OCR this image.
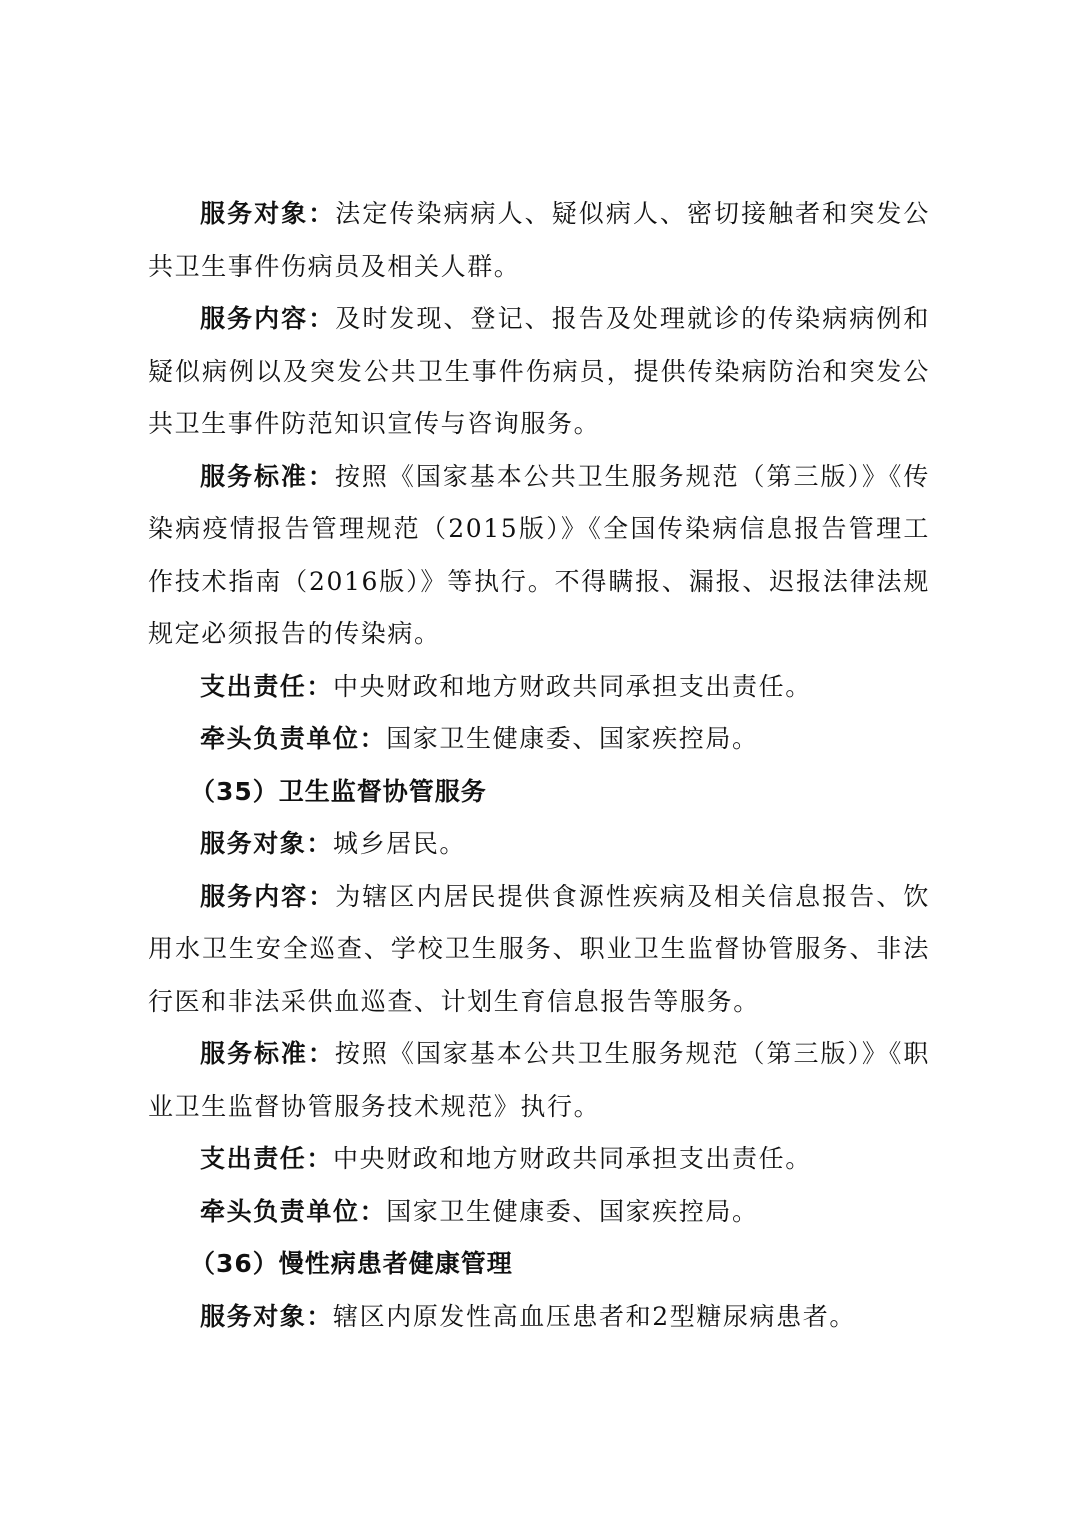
服务对象：法定传染病病人、疑似病人、密切接触者和突发公共卫生事件伤病员及相关人群。

服务内容：及时发现、登记、报告及处理就诊的传染病病例和疑似病例以及突发公共卫生事件伤病员，提供传染病防治和突发公共卫生事件防范知识宣传与咨询服务。

服务标准：按照《国家基本公共卫生服务规范（第三版）》《传染病疫情报告管理规范（2015版）》《全国传染病信息报告管理工作技术指南（2016版）》等执行。不得瞒报、漏报、迟报法律法规规定必须报告的传染病。

支出责任：中央财政和地方财政共同承担支出责任。

牵头负责单位：国家卫生健康委、国家疾控局。

（35）卫生监督协管服务

服务对象：城乡居民。

服务内容：为辖区内居民提供食源性疾病及相关信息报告、饮用水卫生安全巡查、学校卫生服务、职业卫生监督协管服务、非法行医和非法采供血巡查、计划生育信息报告等服务。

服务标准：按照《国家基本公共卫生服务规范（第三版）》《职业卫生监督协管服务技术规范》执行。

支出责任：中央财政和地方财政共同承担支出责任。

牵头负责单位：国家卫生健康委、国家疾控局。

（36）慢性病患者健康管理

服务对象：辖区内原发性高血压患者和2型糖尿病患者。
